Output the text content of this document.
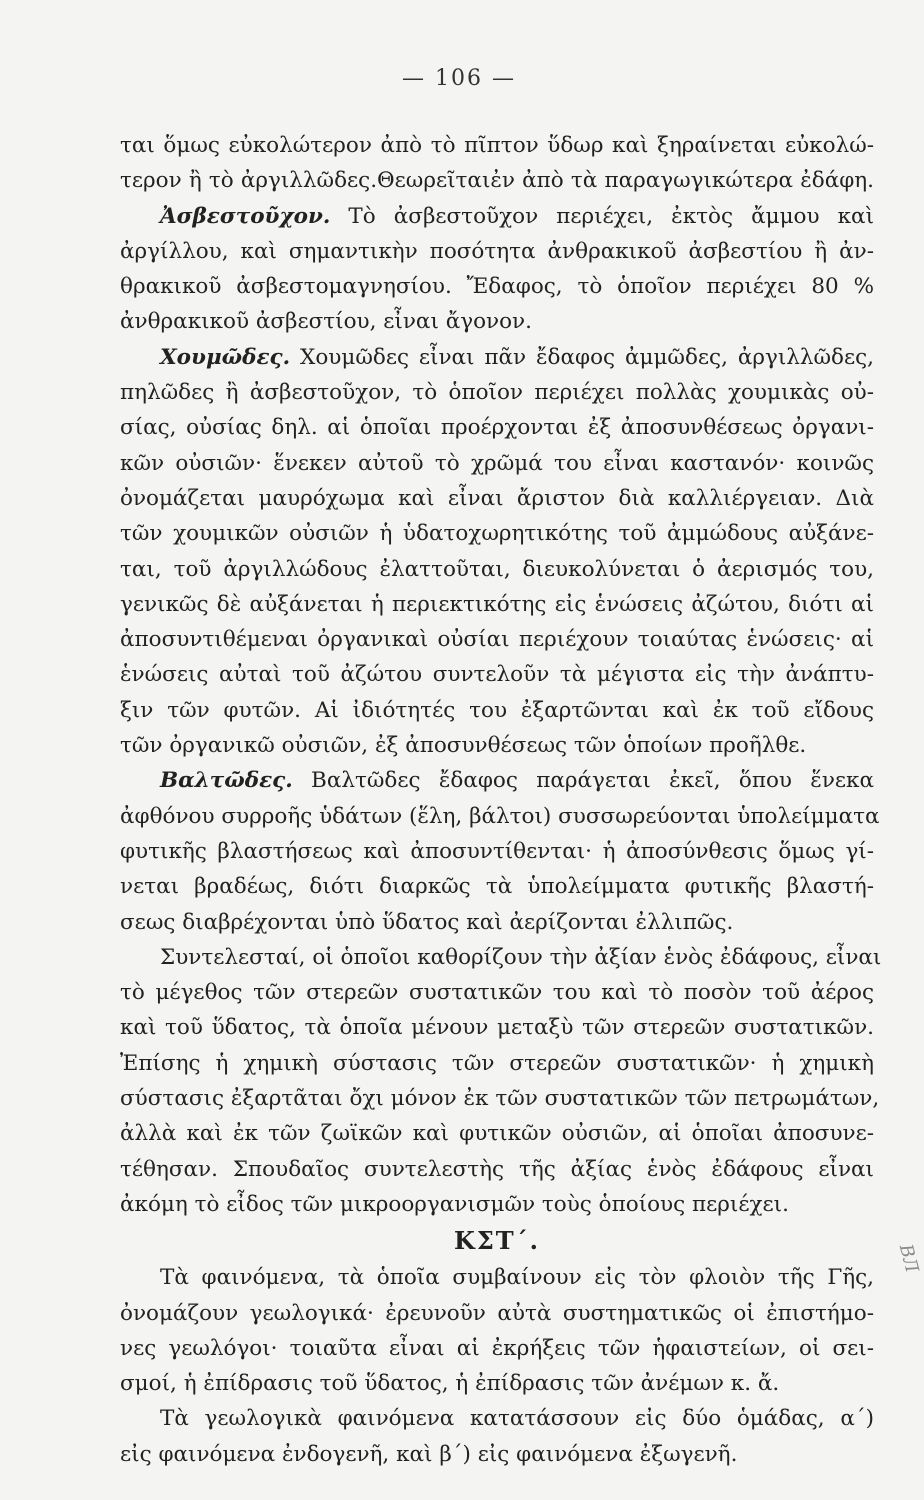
— 106 —
ται ὅμως εὐκολώτερον ἀπὸ τὸ πῖπτον ὕδωρ καὶ ξηραίνεται εὐκολώ-
τερον ἢ τὸ ἀργιλλῶδες.Θεωρεῖταιἐν ἀπὸ τὰ παραγωγικώτερα ἐδάφη.
Ἀσβεστοῦχον. Τὸ ἀσβεστοῦχον περιέχει, ἐκτὸς ἄμμου καὶ
ἀργίλλου, καὶ σημαντικὴν ποσότητα ἀνθρακικοῦ ἀσβεστίου ἢ ἀν-
θρακικοῦ ἀσβεστομαγνησίου. Ἔδαφος, τὸ ὁποῖον περιέχει 80 %
ἀνθρακικοῦ ἀσβεστίου, εἶναι ἄγονον.
Χουμῶδες. Χουμῶδες εἶναι πᾶν ἔδαφος ἀμμῶδες, ἀργιλλῶδες,
πηλῶδες ἢ ἀσβεστοῦχον, τὸ ὁποῖον περιέχει πολλὰς χουμικὰς οὐ-
σίας, οὐσίας δηλ. αἱ ὁποῖαι προέρχονται ἐξ ἀποσυνθέσεως ὀργανι-
κῶν οὐσιῶν· ἕνεκεν αὐτοῦ τὸ χρῶμά του εἶναι καστανόν· κοινῶς
ὀνομάζεται μαυρόχωμα καὶ εἶναι ἄριστον διὰ καλλιέργειαν. Διὰ
τῶν χουμικῶν οὐσιῶν ἡ ὑδατοχωρητικότης τοῦ ἀμμώδους αὐξάνε-
ται, τοῦ ἀργιλλώδους ἐλαττοῦται, διευκολύνεται ὁ ἀερισμός του,
γενικῶς δὲ αὐξάνεται ἡ περιεκτικότης εἰς ἑνώσεις ἀζώτου, διότι αἱ
ἀποσυντιθέμεναι ὀργανικαὶ οὐσίαι περιέχουν τοιαύτας ἑνώσεις· αἱ
ἑνώσεις αὐταὶ τοῦ ἀζώτου συντελοῦν τὰ μέγιστα εἰς τὴν ἀνάπτυ-
ξιν τῶν φυτῶν. Αἱ ἰδιότητές του ἐξαρτῶνται καὶ ἐκ τοῦ εἴδους
τῶν ὀργανικῶ οὐσιῶν, ἐξ ἀποσυνθέσεως τῶν ὁποίων προῆλθε.
Βαλτῶδες. Βαλτῶδες ἔδαφος παράγεται ἐκεῖ, ὅπου ἕνεκα
ἀφθόνου συρροῆς ὑδάτων (ἕλη, βάλτοι) συσσωρεύονται ὑπολείμματα
φυτικῆς βλαστήσεως καὶ ἀποσυντίθενται· ἡ ἀποσύνθεσις ὅμως γί-
νεται βραδέως, διότι διαρκῶς τὰ ὑπολείμματα φυτικῆς βλαστή-
σεως διαβρέχονται ὑπὸ ὕδατος καὶ ἀερίζονται ἐλλιπῶς.
Συντελεσταί, οἱ ὁποῖοι καθορίζουν τὴν ἀξίαν ἑνὸς ἐδάφους, εἶναι
τὸ μέγεθος τῶν στερεῶν συστατικῶν του καὶ τὸ ποσὸν τοῦ ἀέρος
καὶ τοῦ ὕδατος, τὰ ὁποῖα μένουν μεταξὺ τῶν στερεῶν συστατικῶν.
Ἐπίσης ἡ χημικὴ σύστασις τῶν στερεῶν συστατικῶν· ἡ χημικὴ
σύστασις ἐξαρτᾶται ὄχι μόνον ἐκ τῶν συστατικῶν τῶν πετρωμάτων,
ἀλλὰ καὶ ἐκ τῶν ζωϊκῶν καὶ φυτικῶν οὐσιῶν, αἱ ὁποῖαι ἀποσυνε-
τέθησαν. Σπουδαῖος συντελεστὴς τῆς ἀξίας ἑνὸς ἐδάφους εἶναι
ἀκόμη τὸ εἶδος τῶν μικροοργανισμῶν τοὺς ὁποίους περιέχει.
ΚΣΤ΄.
Τὰ φαινόμενα, τὰ ὁποῖα συμβαίνουν εἰς τὸν φλοιὸν τῆς Γῆς,
ὀνομάζουν γεωλογικά· ἐρευνοῦν αὐτὰ συστηματικῶς οἱ ἐπιστήμο-
νες γεωλόγοι· τοιαῦτα εἶναι αἱ ἐκρήξεις τῶν ἡφαιστείων, οἱ σει-
σμοί, ἡ ἐπίδρασις τοῦ ὕδατος, ἡ ἐπίδρασις τῶν ἀνέμων κ. ἄ.
Τὰ γεωλογικὰ φαινόμενα κατατάσσουν εἰς δύο ὁμάδας, α΄)
εἰς φαινόμενα ἐνδογενῆ, καὶ β΄) εἰς φαινόμενα ἐξωγενῆ.
ВЛ
